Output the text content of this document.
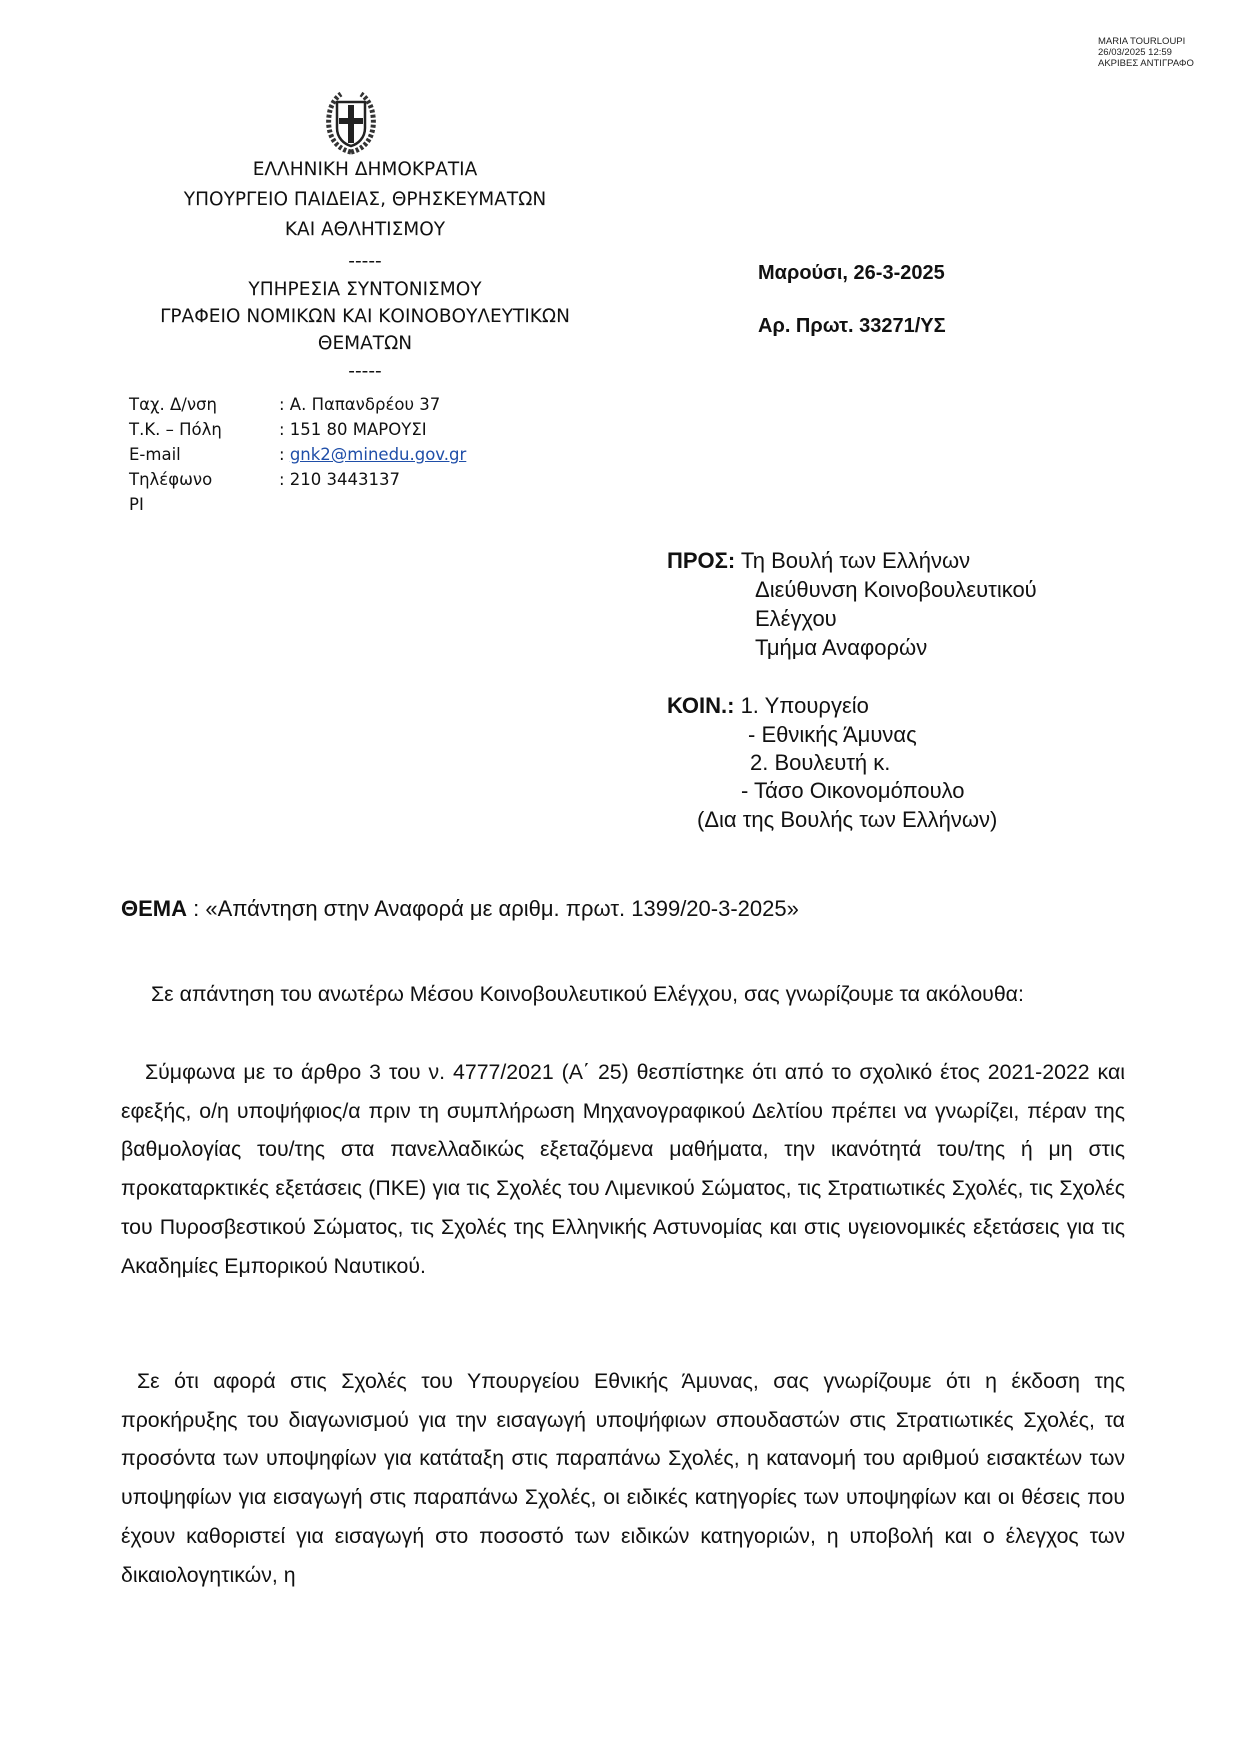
MARIA TOURLOUPI
26/03/2025 12:59
ΑΚΡΙΒΕΣ ΑΝΤΙΓΡΑΦΟ
ΕΛΛΗΝΙΚΗ ΔΗΜΟΚΡΑΤΙΑ
ΥΠΟΥΡΓΕΙΟ ΠΑΙΔΕΙΑΣ, ΘΡΗΣΚΕΥΜΑΤΩΝ
ΚΑΙ ΑΘΛΗΤΙΣΜΟΥ
-----
ΥΠΗΡΕΣΙΑ ΣΥΝΤΟΝΙΣΜΟΥ
ΓΡΑΦΕΙΟ ΝΟΜΙΚΩΝ ΚΑΙ ΚΟΙΝΟΒΟΥΛΕΥΤΙΚΩΝ
ΘΕΜΑΤΩΝ
-----
Ταχ. Δ/νση	: Α. Παπανδρέου 37
Τ.Κ. – Πόλη	: 151 80 ΜΑΡΟΥΣΙ
E-mail	: gnk2@minedu.gov.gr
Τηλέφωνο	: 210 3443137
PI
Μαρούσι, 26-3-2025
Αρ. Πρωτ. 33271/ΥΣ
ΠΡΟΣ: Τη Βουλή των Ελλήνων
Διεύθυνση Κοινοβουλευτικού
Ελέγχου
Τμήμα Αναφορών
ΚΟΙΝ.: 1. Υπουργείο
- Εθνικής Άμυνας
2. Βουλευτή κ.
- Τάσο Οικονομόπουλο
(Δια της Βουλής των Ελλήνων)
ΘΕΜΑ : «Απάντηση στην Αναφορά με αριθμ. πρωτ. 1399/20-3-2025»

Σε απάντηση του ανωτέρω Μέσου Κοινοβουλευτικού Ελέγχου, σας γνωρίζουμε τα ακόλουθα:

Σύμφωνα με το άρθρο 3 του ν. 4777/2021 (Α΄ 25) θεσπίστηκε ότι από το σχολικό έτος 2021-2022 και εφεξής, ο/η υποψήφιος/α πριν τη συμπλήρωση Μηχανογραφικού Δελτίου πρέπει να γνωρίζει, πέραν της βαθμολογίας του/της στα πανελλαδικώς εξεταζόμενα μαθήματα, την ικανότητά του/της ή μη στις προκαταρκτικές εξετάσεις (ΠΚΕ) για τις Σχολές του Λιμενικού Σώματος, τις Στρατιωτικές Σχολές, τις Σχολές του Πυροσβεστικού Σώματος, τις Σχολές της Ελληνικής Αστυνομίας και στις υγειονομικές εξετάσεις για τις Ακαδημίες Εμπορικού Ναυτικού.

Σε ότι αφορά στις Σχολές του Υπουργείου Εθνικής Άμυνας, σας γνωρίζουμε ότι η έκδοση της προκήρυξης του διαγωνισμού για την εισαγωγή υποψήφιων σπουδαστών στις Στρατιωτικές Σχολές, τα προσόντα των υποψηφίων για κατάταξη στις παραπάνω Σχολές, η κατανομή του αριθμού εισακτέων των υποψηφίων για εισαγωγή στις παραπάνω Σχολές, οι ειδικές κατηγορίες των υποψηφίων και οι θέσεις που έχουν καθοριστεί για εισαγωγή στο ποσοστό των ειδικών κατηγοριών, η υποβολή και ο έλεγχος των δικαιολογητικών, η
